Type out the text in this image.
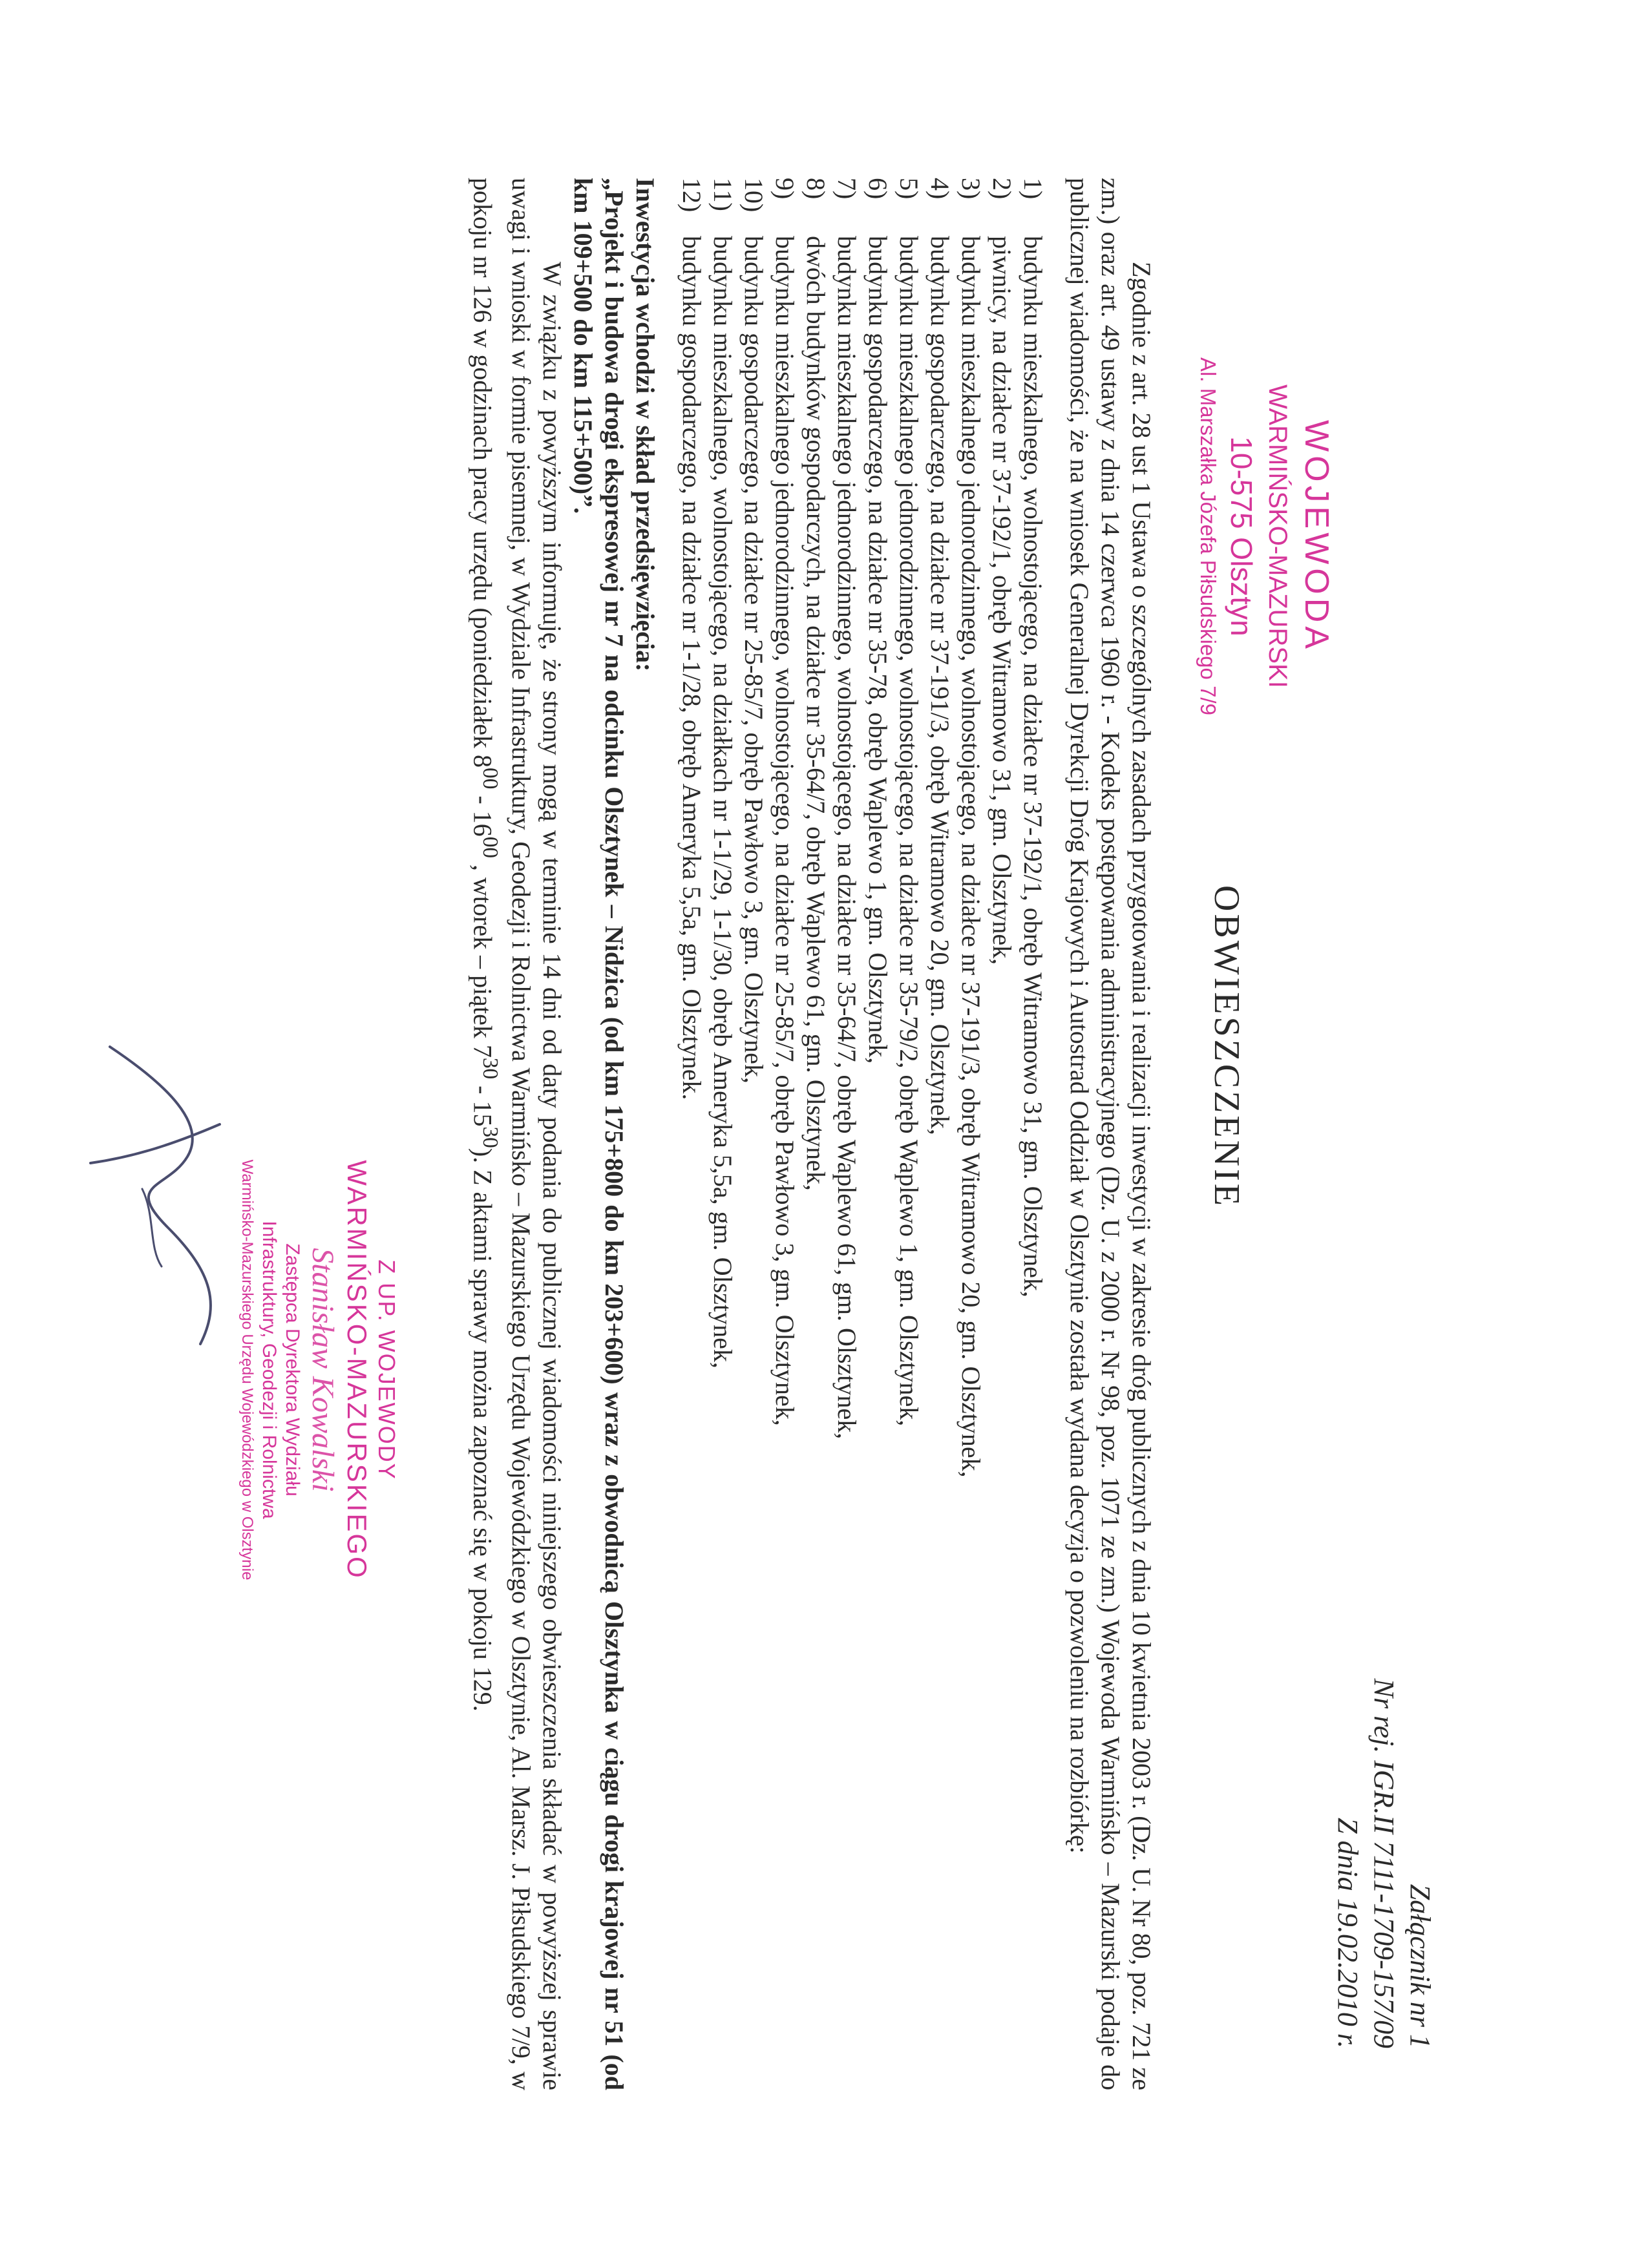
WOJEWODA
WARMIŃSKO-MAZURSKI
10-575 Olsztyn
Al. Marszałka Józefa Piłsudskiego 7/9
Załącznik nr 1
Nr rej. IGR.II 7111-1709-157/09
Z dnia 19.02.2010 r.
OBWIESZCZENIE

Zgodnie z art. 28 ust 1 Ustawa o szczególnych zasadach przygotowania i realizacji inwestycji w zakresie dróg publicznych z dnia 10 kwietnia 2003 r. (Dz. U. Nr 80, poz. 721 ze zm.) oraz art. 49 ustawy z dnia 14 czerwca 1960 r. - Kodeks postępowania administracyjnego (Dz. U. z 2000 r. Nr 98, poz. 1071 ze zm.) Wojewoda Warmińsko – Mazurski podaje do publicznej wiadomości, że na wniosek Generalnej Dyrekcji Dróg Krajowych i Autostrad Oddział w Olsztynie została wydana decyzja o pozwoleniu na rozbiórkę:

1)
budynku mieszkalnego, wolnostojącego, na działce nr 37-192/1, obręb Witramowo 31, gm. Olsztynek,
2)
piwnicy, na działce nr 37-192/1, obręb Witramowo 31, gm. Olsztynek,
3)
budynku mieszkalnego jednorodzinnego, wolnostojącego, na działce nr 37-191/3, obręb Witramowo 20, gm. Olsztynek,
4)
budynku gospodarczego, na działce nr 37-191/3, obręb Witramowo 20, gm. Olsztynek,
5)
budynku mieszkalnego jednorodzinnego, wolnostojącego, na działce nr 35-79/2, obręb Waplewo 1, gm. Olsztynek,
6)
budynku gospodarczego, na działce nr 35-78, obręb Waplewo 1, gm. Olsztynek,
7)
budynku mieszkalnego jednorodzinnego, wolnostojącego, na działce nr 35-64/7, obręb Waplewo 61, gm. Olsztynek,
8)
dwóch budynków gospodarczych, na działce nr 35-64/7, obręb Waplewo 61, gm. Olsztynek,
9)
budynku mieszkalnego jednorodzinnego, wolnostojącego, na działce nr 25-85/7, obręb Pawłowo 3, gm. Olsztynek,
10)
budynku gospodarczego, na działce nr 25-85/7, obręb Pawłowo 3, gm. Olsztynek,
11)
budynku mieszkalnego, wolnostojącego, na działkach nr 1-1/29, 1-1/30, obręb Ameryka 5,5a, gm. Olsztynek,
12)
budynku gospodarczego, na działce nr 1-1/28, obręb Ameryka 5,5a, gm. Olsztynek.

Inwestycja wchodzi w skład przedsięwzięcia:

„Projekt i budowa drogi ekspresowej nr 7 na odcinku Olsztynek – Nidzica (od km 175+800 do km 203+600) wraz z obwodnicą Olsztynka w ciągu drogi krajowej nr 51 (od km 109+500 do km 115+500)”.

W związku z powyższym informuję, że strony mogą w terminie 14 dni od daty podania do publicznej wiadomości niniejszego obwieszczenia składać w powyższej sprawie uwagi i wnioski w formie pisemnej, w Wydziale Infrastruktury, Geodezji i Rolnictwa Warmińsko – Mazurskiego Urzędu Wojewódzkiego w Olsztynie, Al. Marsz. J. Piłsudskiego 7/9, w pokoju nr 126 w godzinach pracy urzędu (poniedziałek $8^{00} - 16^{00}$ , wtorek – piątek $7^{30} - 15^{30}$). Z aktami sprawy można zapoznać się w pokoju 129.

Z UP. WOJEWODY
WARMIŃSKO-MAZURSKIEGO
Stanisław Kowalski
Zastępca Dyrektora Wydziału
Infrastruktury, Geodezji i Rolnictwa
Warmińsko-Mazurskiego Urzędu Wojewódzkiego w Olsztynie
